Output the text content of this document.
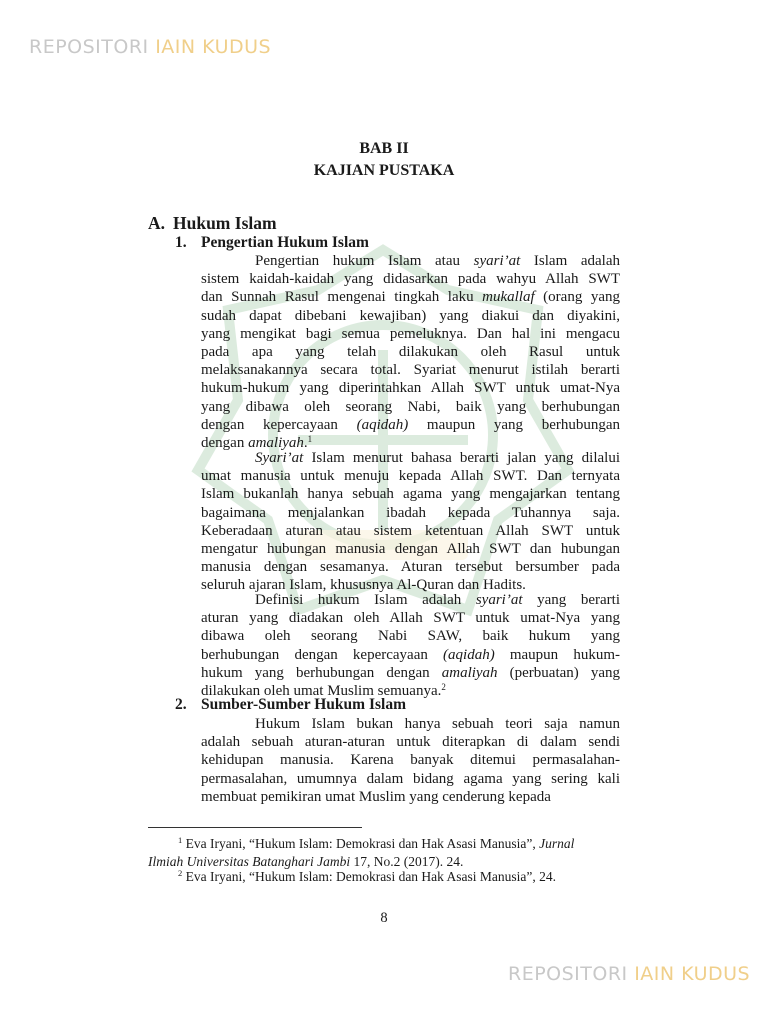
REPOSITORI IAIN KUDUS
BAB II
KAJIAN PUSTAKA
A. Hukum Islam
1. Pengertian Hukum Islam
Pengertian hukum Islam atau syari’at Islam adalah
sistem kaidah-kaidah yang didasarkan pada wahyu Allah SWT
dan Sunnah Rasul mengenai tingkah laku mukallaf (orang yang
sudah dapat dibebani kewajiban) yang diakui dan diyakini,
yang mengikat bagi semua pemeluknya. Dan hal ini mengacu
pada apa yang telah dilakukan oleh Rasul untuk
melaksanakannya secara total. Syariat menurut istilah berarti
hukum-hukum yang diperintahkan Allah SWT untuk umat-Nya
yang dibawa oleh seorang Nabi, baik yang berhubungan
dengan kepercayaan (aqidah) maupun yang berhubungan
dengan amaliyah.$^1$
Syari’at Islam menurut bahasa berarti jalan yang dilalui
umat manusia untuk menuju kepada Allah SWT. Dan ternyata
Islam bukanlah hanya sebuah agama yang mengajarkan tentang
bagaimana menjalankan ibadah kepada Tuhannya saja.
Keberadaan aturan atau sistem ketentuan Allah SWT untuk
mengatur hubungan manusia dengan Allah SWT dan hubungan
manusia dengan sesamanya. Aturan tersebut bersumber pada
seluruh ajaran Islam, khususnya Al-Quran dan Hadits.
Definisi hukum Islam adalah syari’at yang berarti
aturan yang diadakan oleh Allah SWT untuk umat-Nya yang
dibawa oleh seorang Nabi SAW, baik hukum yang
berhubungan dengan kepercayaan (aqidah) maupun hukum-
hukum yang berhubungan dengan amaliyah (perbuatan) yang
dilakukan oleh umat Muslim semuanya.$^2$
Hukum Islam bukan hanya sebuah teori saja namun
adalah sebuah aturan-aturan untuk diterapkan di dalam sendi
kehidupan manusia. Karena banyak ditemui permasalahan-
permasalahan, umumnya dalam bidang agama yang sering kali
membuat pemikiran umat Muslim yang cenderung kepada
2. Sumber-Sumber Hukum Islam
$^1$ Eva Iryani, “Hukum Islam: Demokrasi dan Hak Asasi Manusia”, Jurnal
Ilmiah Universitas Batanghari Jambi 17, No.2 (2017). 24.
$^2$ Eva Iryani, “Hukum Islam: Demokrasi dan Hak Asasi Manusia”, 24.
8
REPOSITORI IAIN KUDUS
